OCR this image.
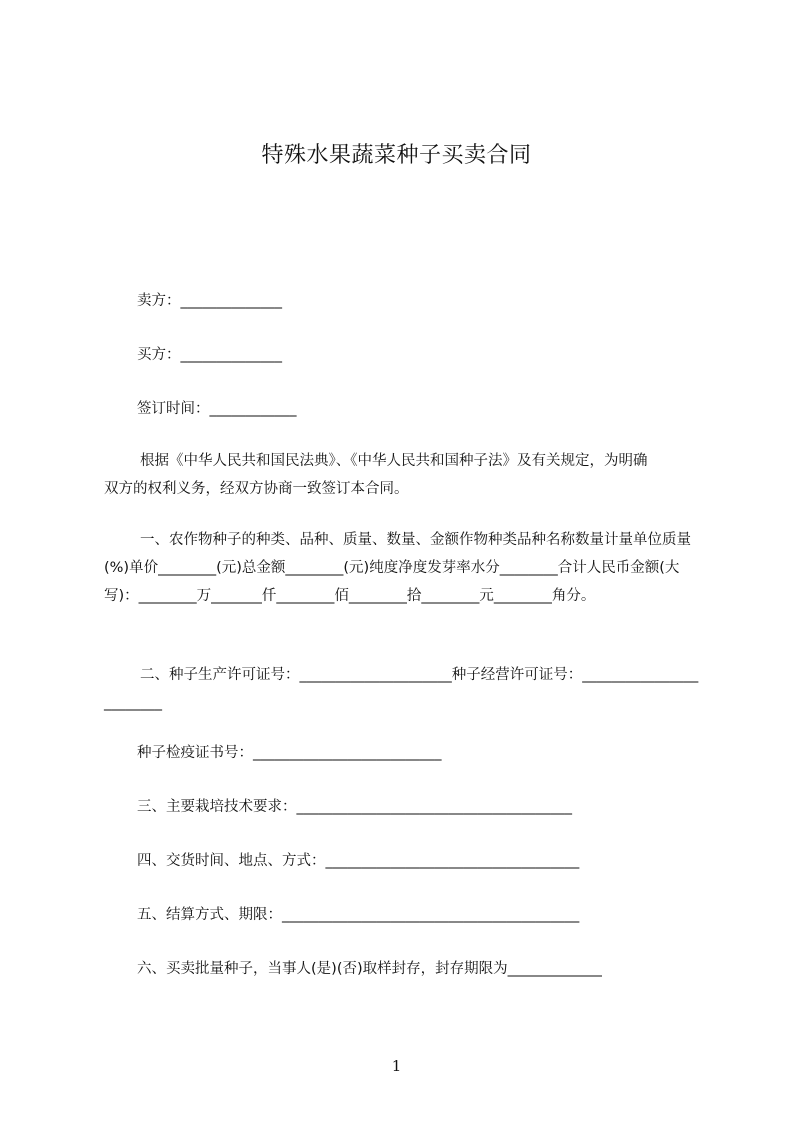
特殊水果蔬菜种子买卖合同
卖方：______________
买方：______________
签订时间：____________
根据《中华人民共和国民法典》、《中华人民共和国种子法》及有关规定，为明确
双方的权利义务，经双方协商一致签订本合同。
一、农作物种子的种类、品种、质量、数量、金额作物种类品种名称数量计量单位质量(%)单价________(元)总金额________(元)纯度净度发芽率水分________合计人民币金额(大写)：________万_______仟________佰________拾________元________角分。
二、种子生产许可证号：_____________________种子经营许可证号：________________________
种子检疫证书号：__________________________
三、主要栽培技术要求：______________________________________
四、交货时间、地点、方式：___________________________________
五、结算方式、期限：_________________________________________
六、买卖批量种子，当事人(是)(否)取样封存，封存期限为_____________
1
